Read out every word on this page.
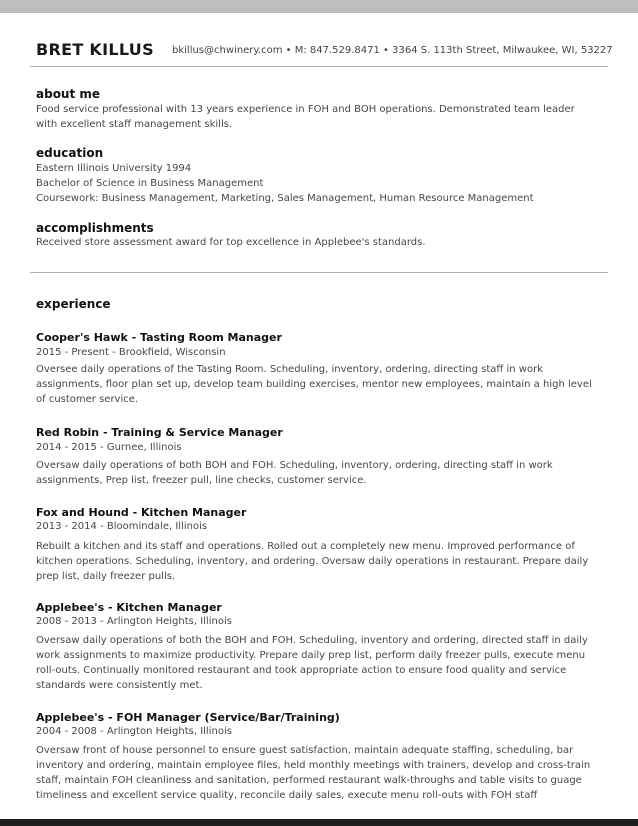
BRET KILLUS bkillus@chwinery.com • M: 847.529.8471 • 3364 S. 113th Street, Milwaukee, WI, 53227
about me

Food service professional with 13 years experience in FOH and BOH operations. Demonstrated team leader with excellent staff management skills.

education
Eastern Illinois University 1994
Bachelor of Science in Business Management
Coursework: Business Management, Marketing, Sales Management, Human Resource Management
accomplishments
Received store assessment award for top excellence in Applebee's standards.
experience
Cooper's Hawk - Tasting Room Manager
2015 - Present - Brookfield, Wisconsin

Oversee daily operations of the Tasting Room. Scheduling, inventory, ordering, directing staff in work assignments, floor plan set up, develop team building exercises, mentor new employees, maintain a high level of customer service.

Red Robin - Training & Service Manager
2014 - 2015 - Gurnee, Illinois

Oversaw daily operations of both BOH and FOH. Scheduling, inventory, ordering, directing staff in work assignments, Prep list, freezer pull, line checks, customer service.

Fox and Hound - Kitchen Manager
2013 - 2014 - Bloomindale, Illinois

Rebuilt a kitchen and its staff and operations. Rolled out a completely new menu. Improved performance of kitchen operations. Scheduling, inventory, and ordering. Oversaw daily operations in restaurant. Prepare daily prep list, daily freezer pulls.

Applebee's - Kitchen Manager
2008 - 2013 - Arlington Heights, Illinois

Oversaw daily operations of both the BOH and FOH. Scheduling, inventory and ordering, directed staff in daily work assignments to maximize productivity. Prepare daily prep list, perform daily freezer pulls, execute menu roll-outs. Continually monitored restaurant and took appropriate action to ensure food quality and service standards were consistently met.

Applebee's - FOH Manager (Service/Bar/Training)
2004 - 2008 - Arlington Heights, Illinois

Oversaw front of house personnel to ensure guest satisfaction, maintain adequate staffing, scheduling, bar inventory and ordering, maintain employee files, held monthly meetings with trainers, develop and cross-train staff, maintain FOH cleanliness and sanitation, performed restaurant walk-throughs and table visits to guage timeliness and excellent service quality, reconcile daily sales, execute menu roll-outs with FOH staff
